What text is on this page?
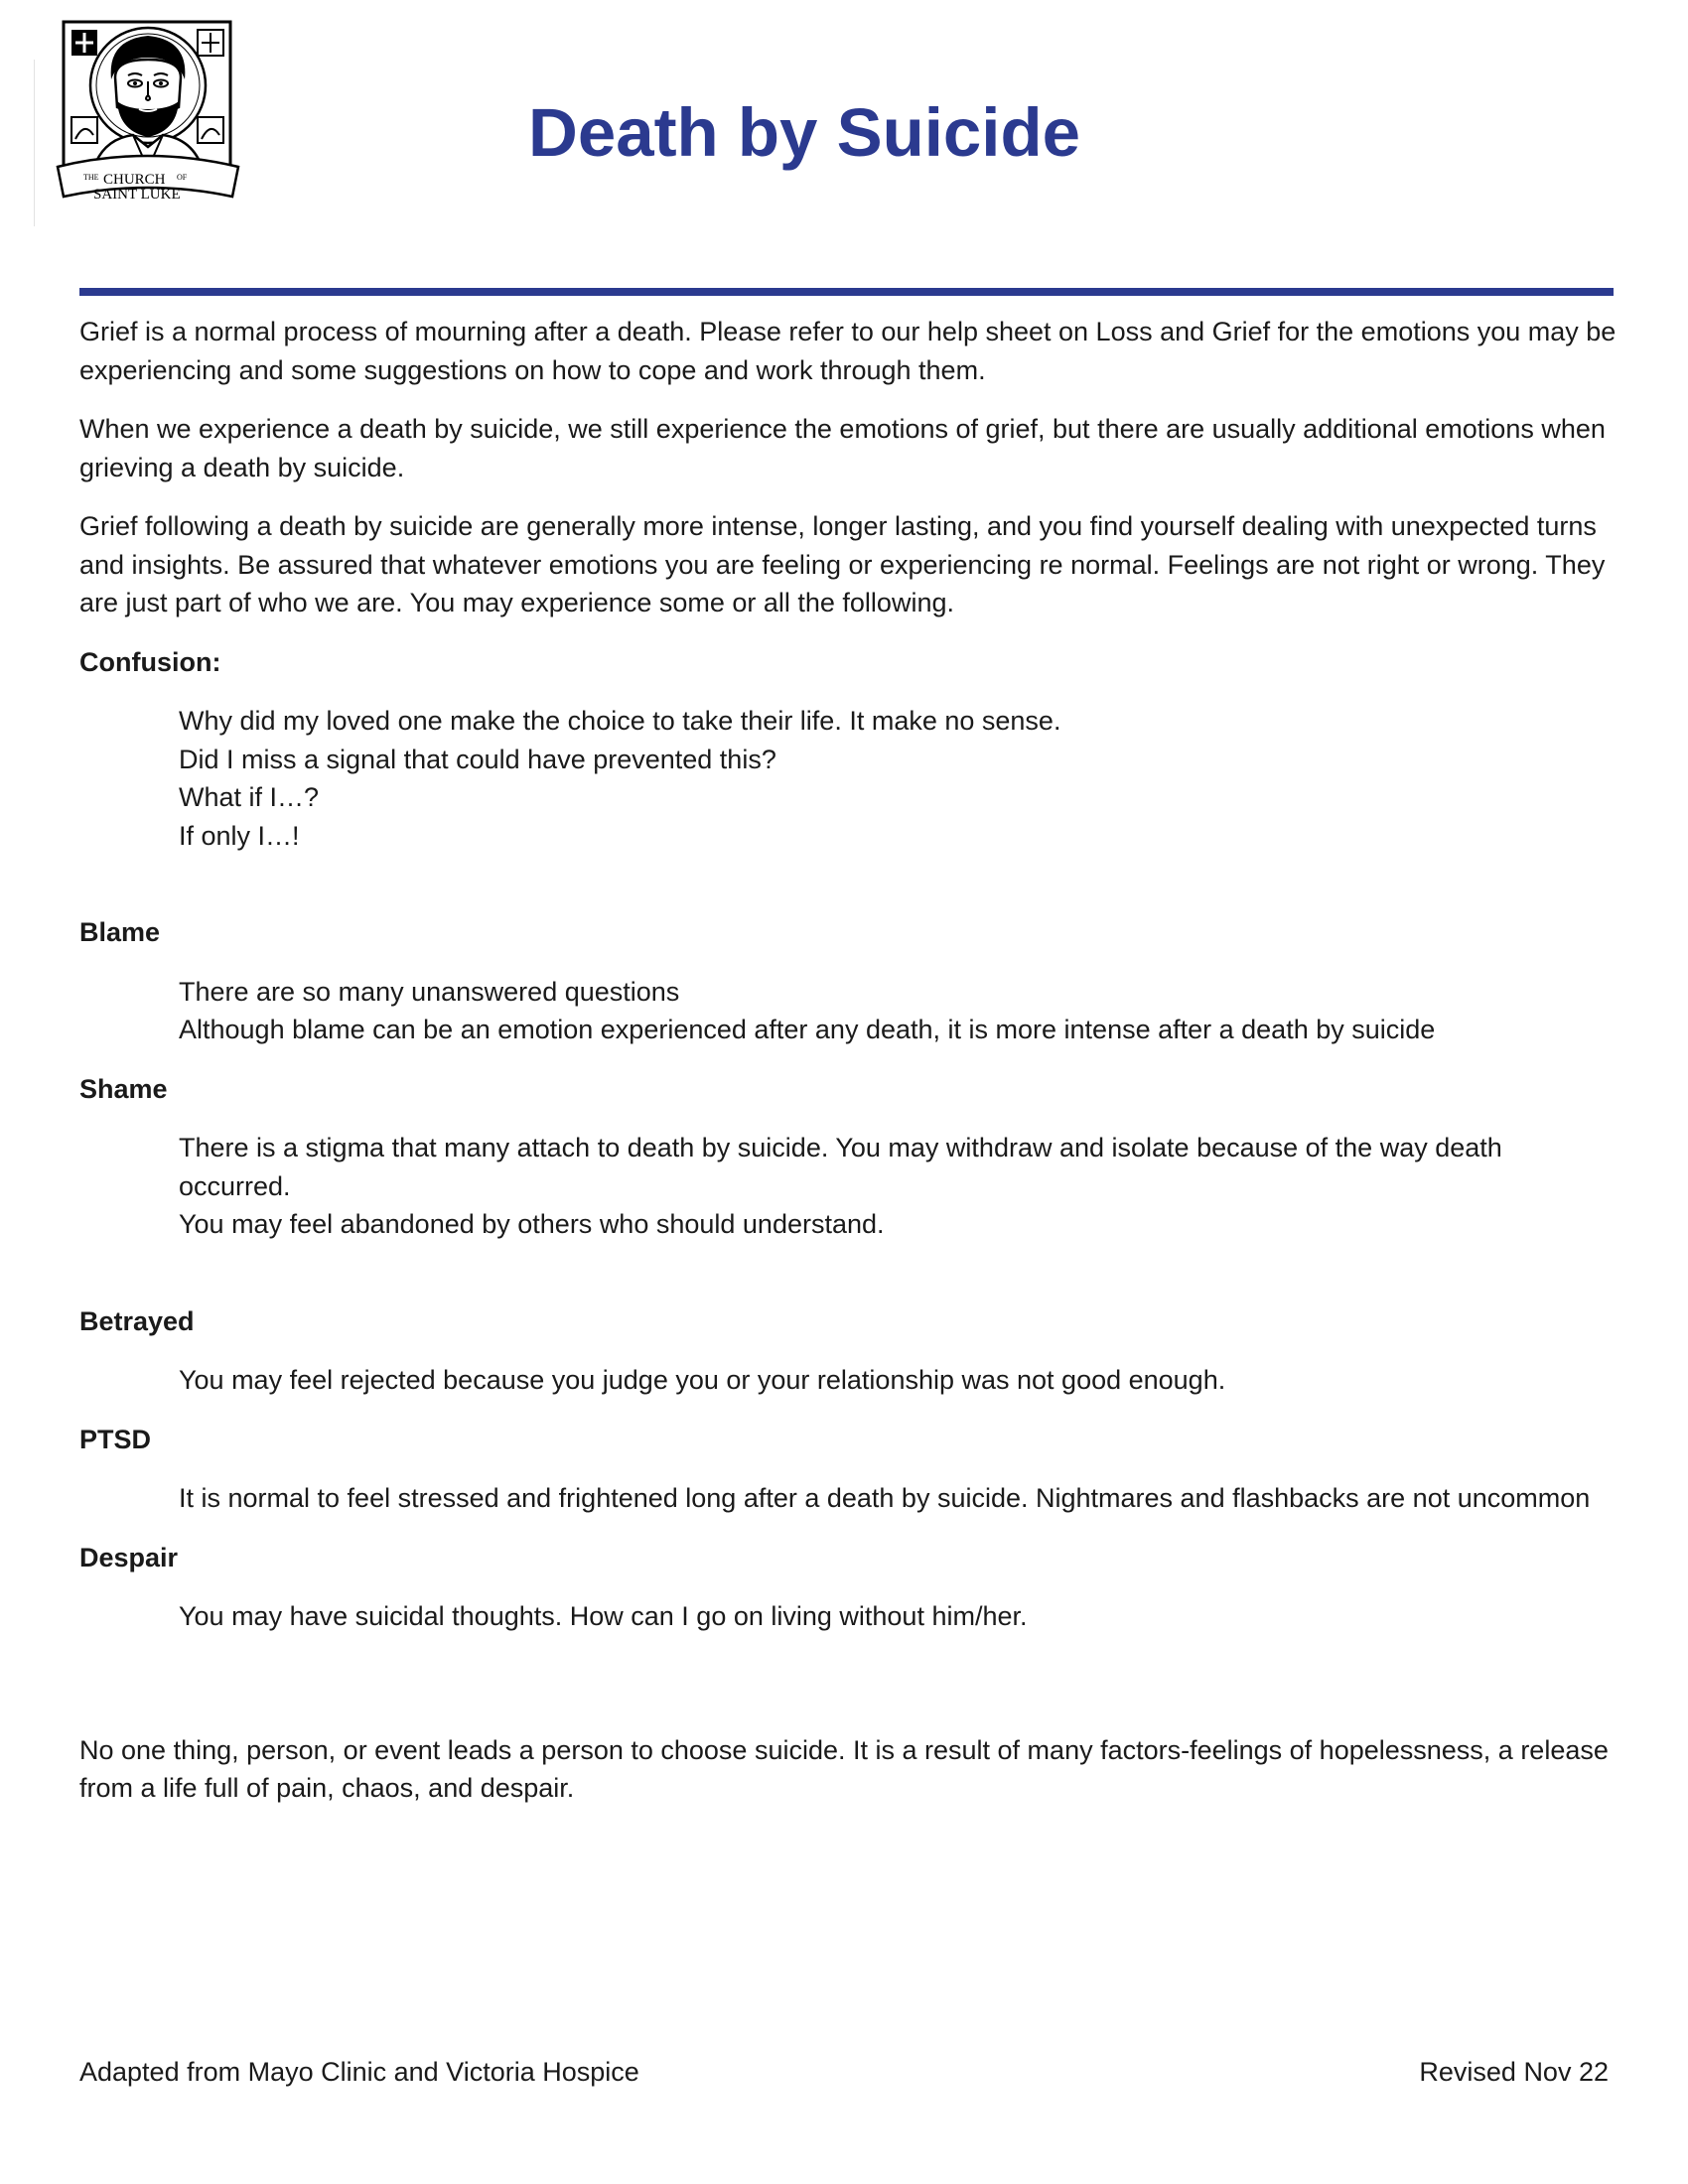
THE CHURCH OF
SAINT LUKE
Death by Suicide

Grief is a normal process of mourning after a death. Please refer to our help sheet on Loss and Grief for the emotions you may be experiencing and some suggestions on how to cope and work through them.

When we experience a death by suicide, we still experience the emotions of grief, but there are usually additional emotions when grieving a death by suicide.

Grief following a death by suicide are generally more intense, longer lasting, and you find yourself dealing with unexpected turns and insights. Be assured that whatever emotions you are feeling or experiencing re normal. Feelings are not right or wrong. They are just part of who we are. You may experience some or all the following.

Confusion:

Why did my loved one make the choice to take their life. It make no sense.

Did I miss a signal that could have prevented this?

What if I…?

If only I…!

Blame

There are so many unanswered questions

Although blame can be an emotion experienced after any death, it is more intense after a death by suicide

Shame

There is a stigma that many attach to death by suicide. You may withdraw and isolate because of the way death occurred.

You may feel abandoned by others who should understand.

Betrayed

You may feel rejected because you judge you or your relationship was not good enough.

PTSD

It is normal to feel stressed and frightened long after a death by suicide. Nightmares and flashbacks are not uncommon

Despair

You may have suicidal thoughts. How can I go on living without him/her.

No one thing, person, or event leads a person to choose suicide. It is a result of many factors-feelings of hopelessness, a release from a life full of pain, chaos, and despair.

Adapted from Mayo Clinic and Victoria Hospice	Revised Nov 22
